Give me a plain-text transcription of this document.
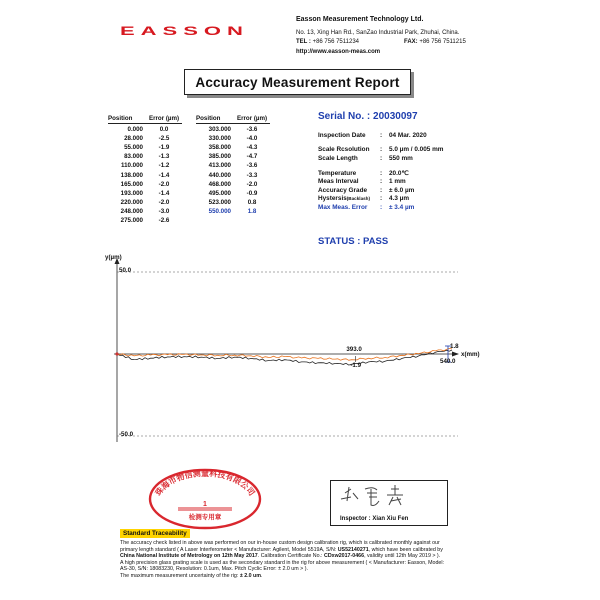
EASSON
Easson Measurement Technology Ltd.
No. 13, Xing Han Rd., SanZao Industrial Park, Zhuhai, China.
TEL : +86 756 7511234	FAX: +86 756 7511215
http://www.easson-meas.com
Accuracy Measurement Report
Position	Error (µm)
0.000	0.0
28.000	-2.5
55.000	-1.9
83.000	-1.3
110.000	-1.2
138.000	-1.4
165.000	-2.0
193.000	-1.4
220.000	-2.0
248.000	-3.0
275.000	-2.6
Position	Error (µm)
303.000	-3.6
330.000	-4.0
358.000	-4.3
385.000	-4.7
413.000	-3.6
440.000	-3.3
468.000	-2.0
495.000	-0.9
523.000	0.8
550.000	1.8
Serial No. : 20030097
Inspection Date	:	04 Mar. 2020
Scale Rcsolution	:	5.0 µm / 0.005 mm
Scale Length	:	550 mm
Temperature	:	20.0℃
Meas Interval	:	1 mm
Accuracy Grade	:	± 6.0 µm
Hystersis(Backlash)	:	4.3 µm
Max Meas. Error	:	± 3.4 µm
STATUS : PASS
y(µm)
x(mm)
50.0
-50.0
393.0
-1.9
1.8
540.0
珠海市物信测量科技有限公司
1
检测专用章	Inspector : Xian Xiu Fen
Standard Traceability
The accuracy check listed in above was performed on our in-house custom design calibration rig, which is calibrated monthly against our
primary length standard ( A Laser Interferometer < Manufacturer: Agilent, Model 5519A, S/N: US52140271, which have been calibrated by
China National Institute of Metrology on 12th May 2017. Calibration Certificate No.: CDxw2017-0466, validity until 12th May 2019 > ).
A high precision glass grating scale is used as the secondary standard in the rig for above measurement ( < Manufacturer: Easson, Model:
AS-30, S/N: 18083230, Resolution: 0.1um, Max. Pitch Cyclic Error: ± 2.0 um > ).
The maximum measurement uncertainty of the rig: ± 2.0 um.
